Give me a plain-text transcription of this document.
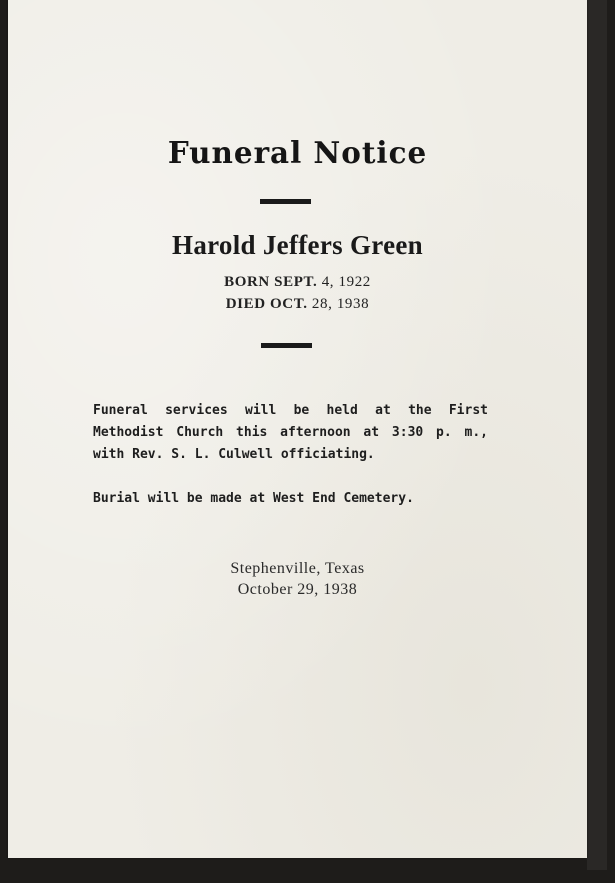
Funeral Notice
Harold Jeffers Green
BORN SEPT. 4, 1922
DIED OCT. 28, 1938
Funeral services will be held at the First
Methodist Church this afternoon at 3:30 p. m.,
with Rev. S. L. Culwell officiating.
Burial will be made at West End Cemetery.
Stephenville, Texas
October 29, 1938
